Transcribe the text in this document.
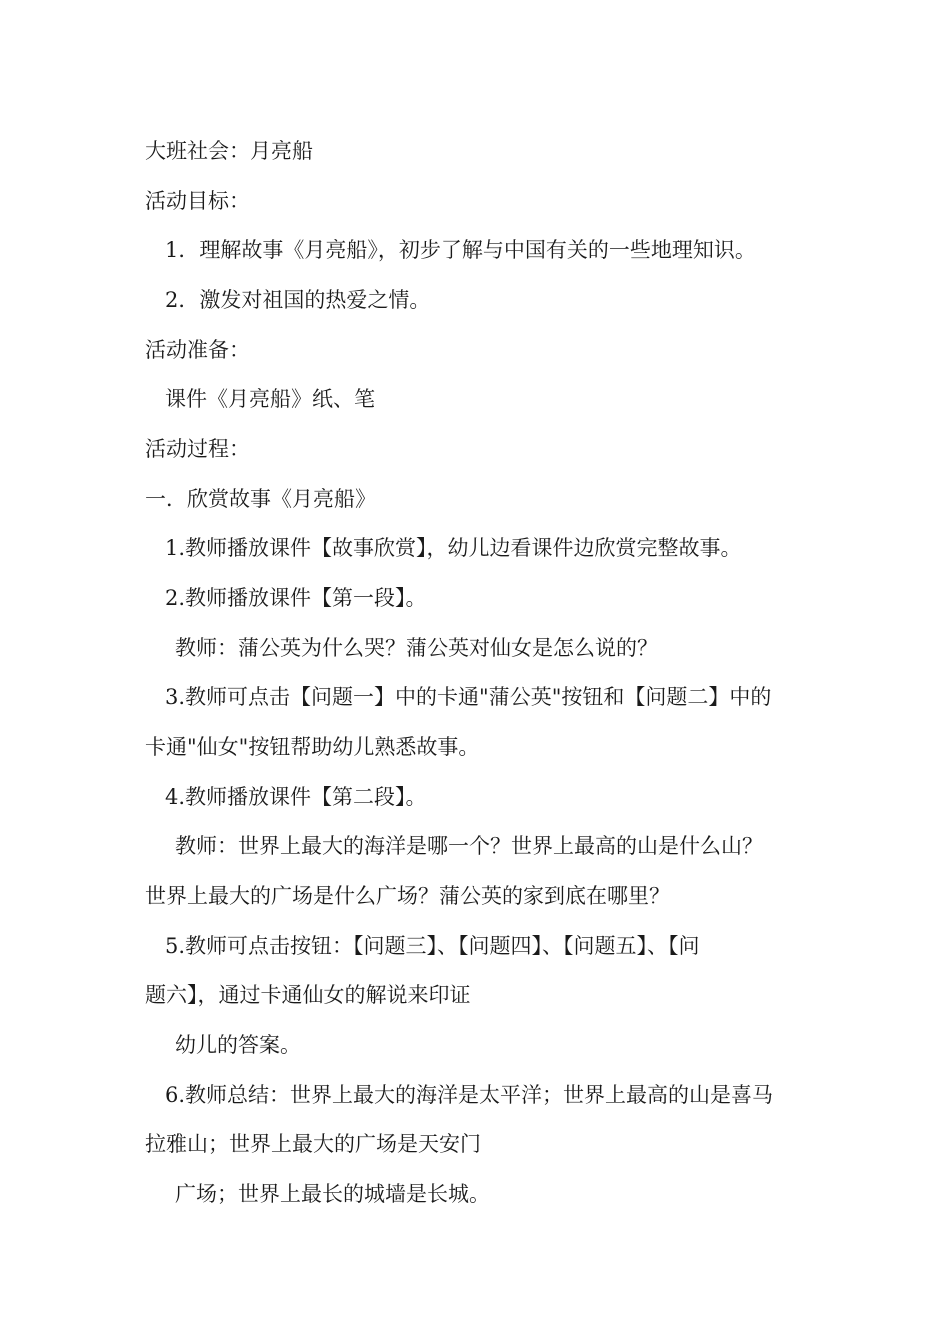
大班社会：月亮船
活动目标：
1．理解故事《月亮船》，初步了解与中国有关的一些地理知识。
2．激发对祖国的热爱之情。
活动准备：
课件《月亮船》纸、笔
活动过程：
一．欣赏故事《月亮船》
1.教师播放课件【故事欣赏】，幼儿边看课件边欣赏完整故事。
2.教师播放课件【第一段】。
教师：蒲公英为什么哭？蒲公英对仙女是怎么说的？
3.教师可点击【问题一】中的卡通"蒲公英"按钮和【问题二】中的
卡通"仙女"按钮帮助幼儿熟悉故事。
4.教师播放课件【第二段】。
教师：世界上最大的海洋是哪一个？世界上最高的山是什么山？
世界上最大的广场是什么广场？蒲公英的家到底在哪里？
5.教师可点击按钮：【问题三】、【问题四】、【问题五】、【问
题六】，通过卡通仙女的解说来印证
幼儿的答案。
6.教师总结：世界上最大的海洋是太平洋；世界上最高的山是喜马
拉雅山；世界上最大的广场是天安门
广场；世界上最长的城墙是长城。
